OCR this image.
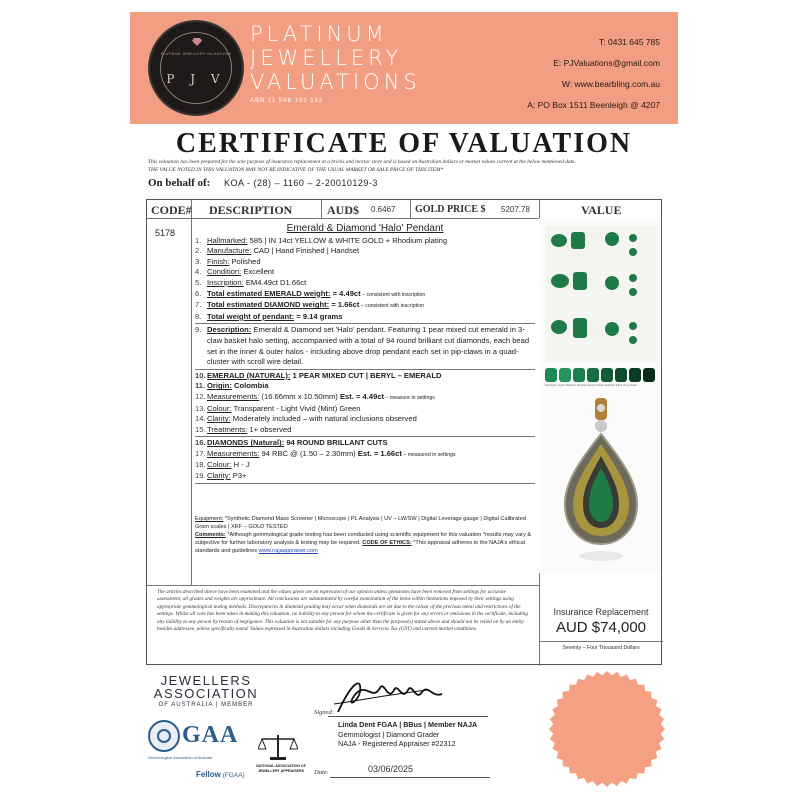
PLATINUM JEWELLERY VALUATIONS
P J V
PLATINUM
JEWELLERY
VALUATIONS
ABN 11 588 192 152
T: 0431 645 785
E: PJValuations@gmail.com
W: www.bearbling.com.au
A: PO Box 1511 Beenleigh @ 4207
CERTIFICATE OF VALUATION
This valuation has been prepared for the sole purpose of insurance replacement at a bricks and mortar store and is based on Australian dollars or market values current at the below mentioned date.
THE VALUE NOTED IN THIS VALUATION MAY NOT BE INDICATIVE OF THE USUAL MARKET OR SALE PRICE OF THIS ITEM*
On behalf of: KOA - (28) – 1160 – 2-20010129-3
CODE# DESCRIPTION	AUD$ 0.6467 GOLD PRICE $ 5207.78	VALUE
5178	Emerald & Diamond 'Halo' Pendant
1. Hallmarked: 585 | IN 14ct YELLOW & WHITE GOLD + Rhodium plating
2. Manufacture: CAD | Hand Finished | Handset
3. Finish: Polished
4. Condition: Excellent
5. Inscription: EM4.49ct D1.66ct
6. Total estimated EMERALD weight: = 4.49ct – consistent with inscription
7. Total estimated DIAMOND weight: = 1.66ct – consistent with inscription
8. Total weight of pendant: = 9.14 grams
9. Description: Emerald & Diamond set 'Halo' pendant. Featuring 1 pear mixed cut emerald in 3-claw basket halo setting, accompanied with a total of 94 round brilliant cut diamonds, each bead set in the inner & outer halos - including above drop pendant each set in pip-claws in a quad-cluster with scroll wire detail.
10. EMERALD (NATURAL): 1 PEAR MIXED CUT | BERYL – EMERALD
11. Origin: Colombia
12. Measurements: (16.66mm x 10.50mm) Est. = 4.49ct – measure in settings
13. Colour: Transparent - Light Vivid (Mint) Green
14. Clarity: Moderately included – with natural inclusions observed
15. Treatments: 1+ observed
16. DIAMONDS (Natural): 94 ROUND BRILLANT CUTS
17. Measurements: 94 RBC @ (1.50 – 2.30mm) Est. = 1.66ct – measured in settings
18. Colour: H - J
19. Clarity: P3+
Equipment: *Synthetic Diamond Mass Screener | Microscope | PL Analysis | UV – LW/SW | Digital Leverage gauge | Digital Calibrated Gram scales | XRF – GOLD TESTED
Comments: *Although gemmological grade testing has been conducted using scientific equipment for this valuation *results may vary & subjective for further laboratory analysis & testing may be required. CODE OF ETHICS: *This appraisal adheres to the NAJA's ethical standards and guidelines www.najaappraiser.com
Strength Light Medium Medium/Light Medium/Dark Dark Very Dark
The articles described above have been examined and the values given are an expression of our opinion unless gemstones have been removed from settings for accurate assessment, all grades and weights are approximate. All conclusions are substantiated by careful examination of the items within limitations imposed by their settings using appropriate gemmological testing methods. Discrepancies in diamond grading may occur when diamonds are set due to the colour of the precious metal and restrictions of the settings. Whilst all care has been taken in making this valuation, no liability to any person for whom the certificate is given for any errors or omissions in the certificate, including any liability to any person by reason of negligence. This valuation is not suitable for any purpose other than the purpose(s) stated above and should not be relied on by an entity besides addressee, unless specifically noted. Values expressed in Australian dollars including Goods & Services Tax (GST) and current market conditions.
Insurance Replacement
AUD $74,000
Seventy – Four Thousand Dollars
JEWELLERS
ASSOCIATION
OF AUSTRALIA | MEMBER
GAA
Gemmological Association of Australia
Fellow (FGAA)
NATIONAL ASSOCIATION OF JEWELLERY APPRAISERS
Signed:
Linda Dent FGAA | BBus | Member NAJA
Gemmologist | Diamond Grader
NAJA - Registered Appraiser #22312
Date:	03/06/2025
